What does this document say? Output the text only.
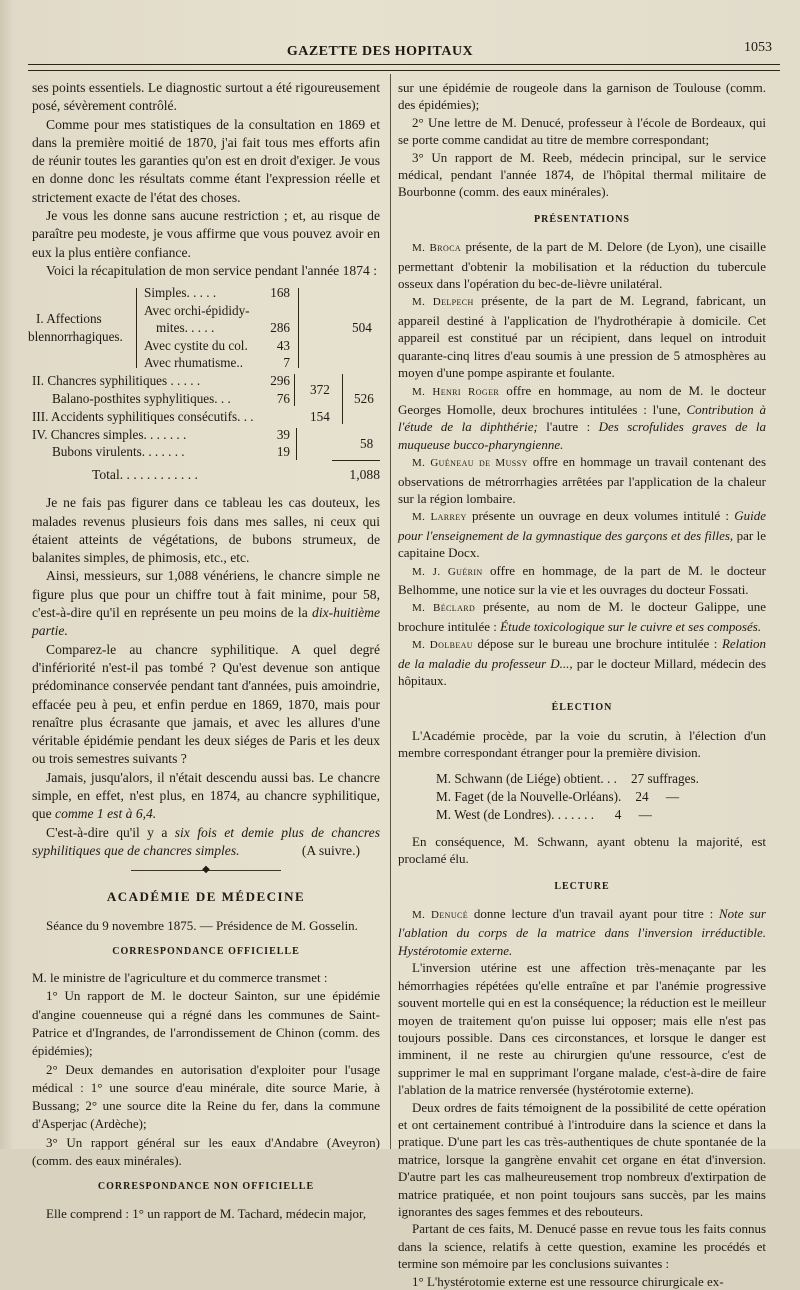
GAZETTE DES HOPITAUX	1053

ses points essentiels. Le diagnostic surtout a été rigoureusement posé, sévèrement contrôlé.

Comme pour mes statistiques de la consultation en 1869 et dans la première moitié de 1870, j'ai fait tous mes efforts afin de réunir toutes les garanties qu'on est en droit d'exiger. Je vous en donne donc les résultats comme étant l'expression réelle et strictement exacte de l'état des choses.

Je vous les donne sans aucune restriction ; et, au risque de paraître peu modeste, je vous affirme que vous pouvez avoir en eux la plus entière confiance.

Voici la récapitulation de mon service pendant l'année 1874 :

I. Affections
blennorrhagiques.
Simples. . . . .	168
Avec orchi-épididy-
mites. . . . .	286
Avec cystite du col.	43
Avec rhumatisme..	7
504
II. Chancres syphilitiques . . . . .	296
Balano-posthites syphylitiques. . .	76
372
III. Accidents syphilitiques consécutifs. . .	154
526
IV. Chancres simples. . . . . . .	39
Bubons virulents. . . . . . .	19
58
Total. . . . . . . . . . . .	1,088

Je ne fais pas figurer dans ce tableau les cas douteux, les malades revenus plusieurs fois dans mes salles, ni ceux qui étaient atteints de végétations, de bubons strumeux, de balanites simples, de phimosis, etc., etc.

Ainsi, messieurs, sur 1,088 vénériens, le chancre simple ne figure plus que pour un chiffre tout à fait minime, pour 58, c'est-à-dire qu'il en représente un peu moins de la dix-huitième partie.

Comparez-le au chancre syphilitique. A quel degré d'infériorité n'est-il pas tombé ? Qu'est devenue son antique prédominance conservée pendant tant d'années, puis amoindrie, effacée peu à peu, et enfin perdue en 1869, 1870, mais pour renaître plus écrasante que jamais, et avec les allures d'une véritable épidémie pendant les deux siéges de Paris et les deux ou trois semestres suivants ?

Jamais, jusqu'alors, il n'était descendu aussi bas. Le chancre simple, en effet, n'est plus, en 1874, au chancre syphilitique, que comme 1 est à 6,4.

C'est-à-dire qu'il y a six fois et demie plus de chancres syphilitiques que de chancres simples.	(A suivre.)

◆
ACADÉMIE DE MÉDECINE

Séance du 9 novembre 1875. — Présidence de M. Gosselin.

CORRESPONDANCE OFFICIELLE

M. le ministre de l'agriculture et du commerce transmet :

1° Un rapport de M. le docteur Sainton, sur une épidémie d'angine couenneuse qui a régné dans les communes de Saint-Patrice et d'Ingrandes, de l'arrondissement de Chinon (comm. des épidémies);

2° Deux demandes en autorisation d'exploiter pour l'usage médical : 1° une source d'eau minérale, dite source Marie, à Bussang; 2° une source dite la Reine du fer, dans la commune d'Asperjac (Ardèche);

3° Un rapport général sur les eaux d'Andabre (Aveyron) (comm. des eaux minérales).

CORRESPONDANCE NON OFFICIELLE

Elle comprend : 1° un rapport de M. Tachard, médecin major,

sur une épidémie de rougeole dans la garnison de Toulouse (comm. des épidémies);

2° Une lettre de M. Denucé, professeur à l'école de Bordeaux, qui se porte comme candidat au titre de membre correspondant;

3° Un rapport de M. Reeb, médecin principal, sur le service médical, pendant l'année 1874, de l'hôpital thermal militaire de Bourbonne (comm. des eaux minérales).

PRÉSENTATIONS

M. Broca présente, de la part de M. Delore (de Lyon), une cisaille permettant d'obtenir la mobilisation et la réduction du tubercule osseux dans l'opération du bec-de-lièvre unilatéral.

M. Delpech présente, de la part de M. Legrand, fabricant, un appareil destiné à l'application de l'hydrothérapie à domicile. Cet appareil est constitué par un récipient, dans lequel on introduit quarante-cinq litres d'eau soumis à une pression de 5 atmosphères au moyen d'une pompe aspirante et foulante.

M. Henri Roger offre en hommage, au nom de M. le docteur Georges Homolle, deux brochures intitulées : l'une, Contribution à l'étude de la diphthérie; l'autre : Des scrofulides graves de la muqueuse bucco-pharyngienne.

M. Guéneau de Mussy offre en hommage un travail contenant des observations de métrorrhagies arrêtées par l'application de la chaleur sur la région lombaire.

M. Larrey présente un ouvrage en deux volumes intitulé : Guide pour l'enseignement de la gymnastique des garçons et des filles, par le capitaine Docx.

M. J. Guérin offre en hommage, de la part de M. le docteur Belhomme, une notice sur la vie et les ouvrages du docteur Fossati.

M. Béclard présente, au nom de M. le docteur Galippe, une brochure intitulée : Étude toxicologique sur le cuivre et ses composés.

M. Dolbeau dépose sur le bureau une brochure intitulée : Relation de la maladie du professeur D..., par le docteur Millard, médecin des hôpitaux.

ÉLECTION

L'Académie procède, par la voie du scrutin, à l'élection d'un membre correspondant étranger pour la première division.

M. Schwann (de Liége) obtient. . . 27 suffrages.
M. Faget (de la Nouvelle-Orléans). 24 —
M. West (de Londres). . . . . . . 4 —

En conséquence, M. Schwann, ayant obtenu la majorité, est proclamé élu.

LECTURE

M. Denucé donne lecture d'un travail ayant pour titre : Note sur l'ablation du corps de la matrice dans l'inversion irréductible. Hystérotomie externe.

L'inversion utérine est une affection très-menaçante par les hémorrhagies répétées qu'elle entraîne et par l'anémie progressive souvent mortelle qui en est la conséquence; la réduction est le meilleur moyen de traitement qu'on puisse lui opposer; mais elle n'est pas toujours possible. Dans ces circonstances, et lorsque le danger est imminent, il ne reste au chirurgien qu'une ressource, c'est de supprimer le mal en supprimant l'organe malade, c'est-à-dire de faire l'ablation de la matrice renversée (hystérotomie externe).

Deux ordres de faits témoignent de la possibilité de cette opération et ont certainement contribué à l'introduire dans la science et dans la pratique. D'une part les cas très-authentiques de chute spontanée de la matrice, lorsque la gangrène envahit cet organe en état d'inversion. D'autre part les cas malheureusement trop nombreux d'extirpation de matrice pratiquée, et non point toujours sans succès, par les mains ignorantes des sages femmes et des rebouteurs.

Partant de ces faits, M. Denucé passe en revue tous les faits connus dans la science, relatifs à cette question, examine les procédés et termine son mémoire par les conclusions suivantes :

1° L'hystérotomie externe est une ressource chirurgicale ex-
